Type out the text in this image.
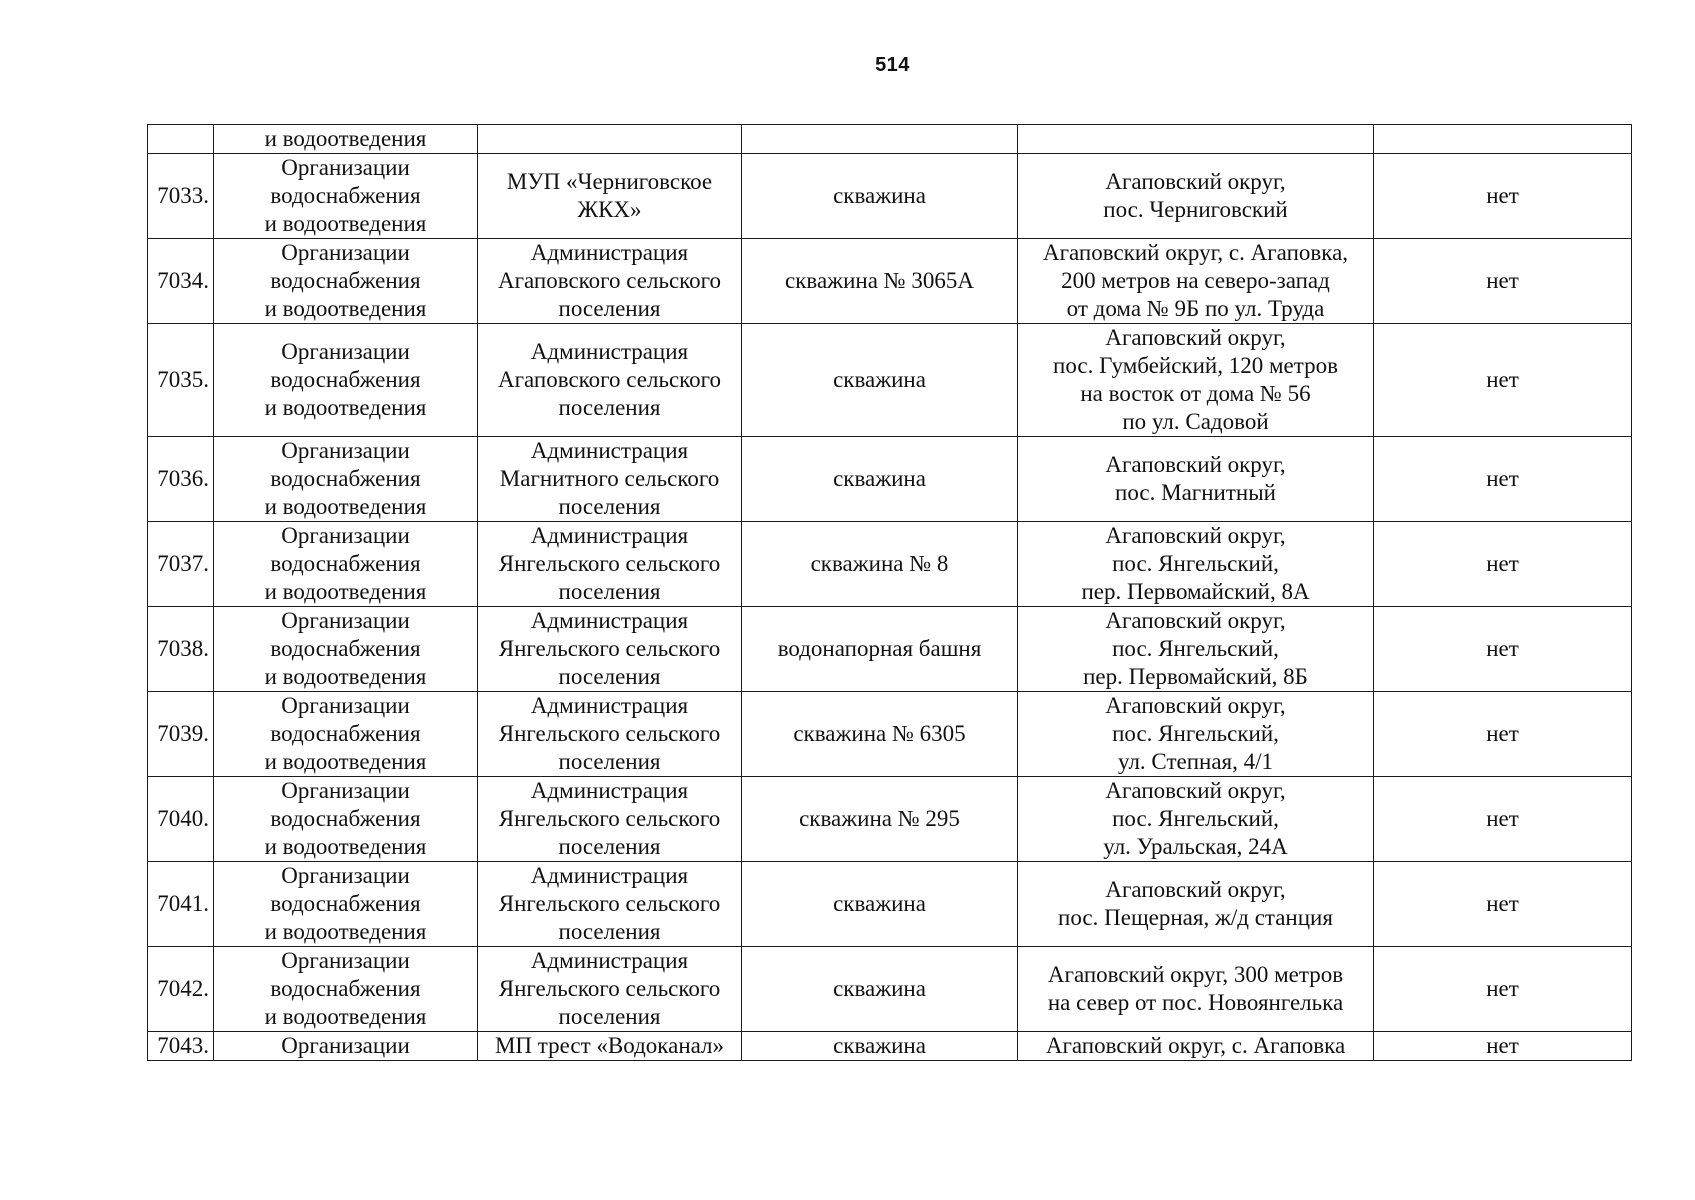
514
	и водоотведения				
7033.	Организации
водоснабжения
и водоотведения	МУП «Черниговское
ЖКХ»	скважина	Агаповский округ,
пос. Черниговский	нет
7034.	Организации
водоснабжения
и водоотведения	Администрация
Агаповского сельского
поселения	скважина № 3065А	Агаповский округ, с. Агаповка,
200 метров на северо-запад
от дома № 9Б по ул. Труда	нет
7035.	Организации
водоснабжения
и водоотведения	Администрация
Агаповского сельского
поселения	скважина	Агаповский округ,
пос. Гумбейский, 120 метров
на восток от дома № 56
по ул. Садовой	нет
7036.	Организации
водоснабжения
и водоотведения	Администрация
Магнитного сельского
поселения	скважина	Агаповский округ,
пос. Магнитный	нет
7037.	Организации
водоснабжения
и водоотведения	Администрация
Янгельского сельского
поселения	скважина № 8	Агаповский округ,
пос. Янгельский,
пер. Первомайский, 8А	нет
7038.	Организации
водоснабжения
и водоотведения	Администрация
Янгельского сельского
поселения	водонапорная башня	Агаповский округ,
пос. Янгельский,
пер. Первомайский, 8Б	нет
7039.	Организации
водоснабжения
и водоотведения	Администрация
Янгельского сельского
поселения	скважина № 6305	Агаповский округ,
пос. Янгельский,
ул. Степная, 4/1	нет
7040.	Организации
водоснабжения
и водоотведения	Администрация
Янгельского сельского
поселения	скважина № 295	Агаповский округ,
пос. Янгельский,
ул. Уральская, 24А	нет
7041.	Организации
водоснабжения
и водоотведения	Администрация
Янгельского сельского
поселения	скважина	Агаповский округ,
пос. Пещерная, ж/д станция	нет
7042.	Организации
водоснабжения
и водоотведения	Администрация
Янгельского сельского
поселения	скважина	Агаповский округ, 300 метров
на север от пос. Новоянгелька	нет
7043.	Организации	МП трест «Водоканал»	скважина	Агаповский округ, с. Агаповка	нет
